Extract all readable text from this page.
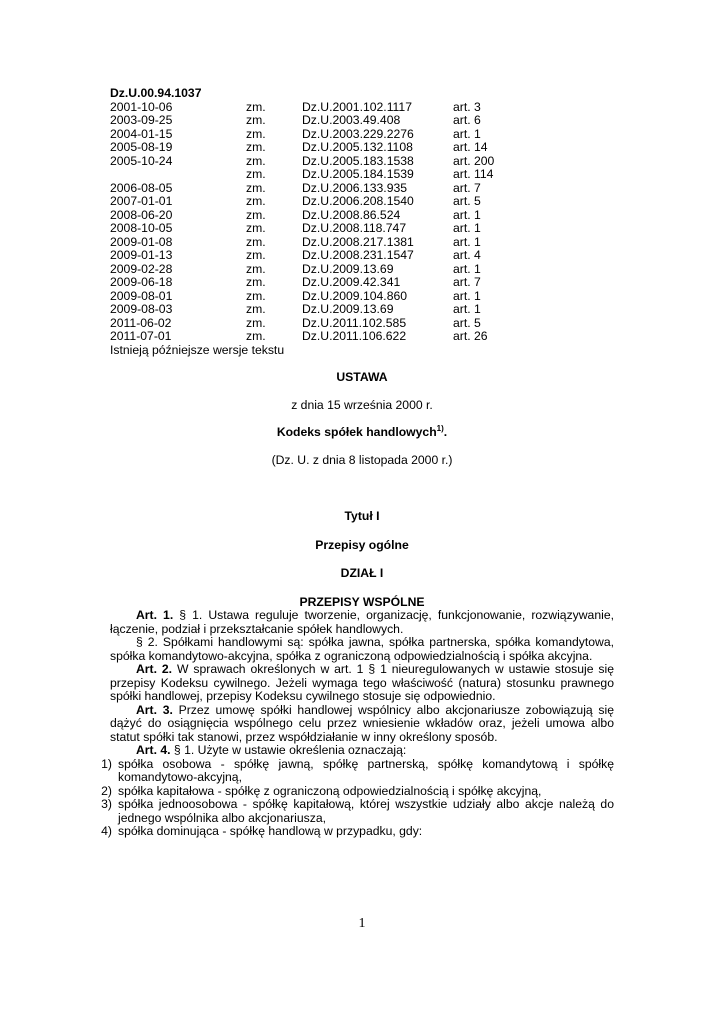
Dz.U.00.94.1037
2001-10-06	zm.	Dz.U.2001.102.1117	art. 3
2003-09-25	zm.	Dz.U.2003.49.408	art. 6
2004-01-15	zm.	Dz.U.2003.229.2276	art. 1
2005-08-19	zm.	Dz.U.2005.132.1108	art. 14
2005-10-24	zm.	Dz.U.2005.183.1538	art. 200
	zm.	Dz.U.2005.184.1539	art. 114
2006-08-05	zm.	Dz.U.2006.133.935	art. 7
2007-01-01	zm.	Dz.U.2006.208.1540	art. 5
2008-06-20	zm.	Dz.U.2008.86.524	art. 1
2008-10-05	zm.	Dz.U.2008.118.747	art. 1
2009-01-08	zm.	Dz.U.2008.217.1381	art. 1
2009-01-13	zm.	Dz.U.2008.231.1547	art. 4
2009-02-28	zm.	Dz.U.2009.13.69	art. 1
2009-06-18	zm.	Dz.U.2009.42.341	art. 7
2009-08-01	zm.	Dz.U.2009.104.860	art. 1
2009-08-03	zm.	Dz.U.2009.13.69	art. 1
2011-06-02	zm.	Dz.U.2011.102.585	art. 5
2011-07-01	zm.	Dz.U.2011.106.622	art. 26
Istnieją późniejsze wersje tekstu
USTAWA
z dnia 15 września 2000 r.
Kodeks spółek handlowych$^{1)}$.
(Dz. U. z dnia 8 listopada 2000 r.)
Tytuł I
Przepisy ogólne
DZIAŁ I
PRZEPISY WSPÓLNE

Art. 1. § 1. Ustawa reguluje tworzenie, organizację, funkcjonowanie, rozwiązywanie, łączenie, podział i przekształcanie spółek handlowych.

§ 2. Spółkami handlowymi są: spółka jawna, spółka partnerska, spółka komandytowa, spółka komandytowo-akcyjna, spółka z ograniczoną odpowiedzialnością i spółka akcyjna.

Art. 2. W sprawach określonych w art. 1 § 1 nieuregulowanych w ustawie stosuje się przepisy Kodeksu cywilnego. Jeżeli wymaga tego właściwość (natura) stosunku prawnego spółki handlowej, przepisy Kodeksu cywilnego stosuje się odpowiednio.

Art. 3. Przez umowę spółki handlowej wspólnicy albo akcjonariusze zobowiązują się dążyć do osiągnięcia wspólnego celu przez wniesienie wkładów oraz, jeżeli umowa albo statut spółki tak stanowi, przez współdziałanie w inny określony sposób.

Art. 4. § 1. Użyte w ustawie określenia oznaczają:

1) spółka osobowa - spółkę jawną, spółkę partnerską, spółkę komandytową i spółkę komandytowo-akcyjną,
2) spółka kapitałowa - spółkę z ograniczoną odpowiedzialnością i spółkę akcyjną,
3) spółka jednoosobowa - spółkę kapitałową, której wszystkie udziały albo akcje należą do jednego wspólnika albo akcjonariusza,
4) spółka dominująca - spółkę handlową w przypadku, gdy:
1
